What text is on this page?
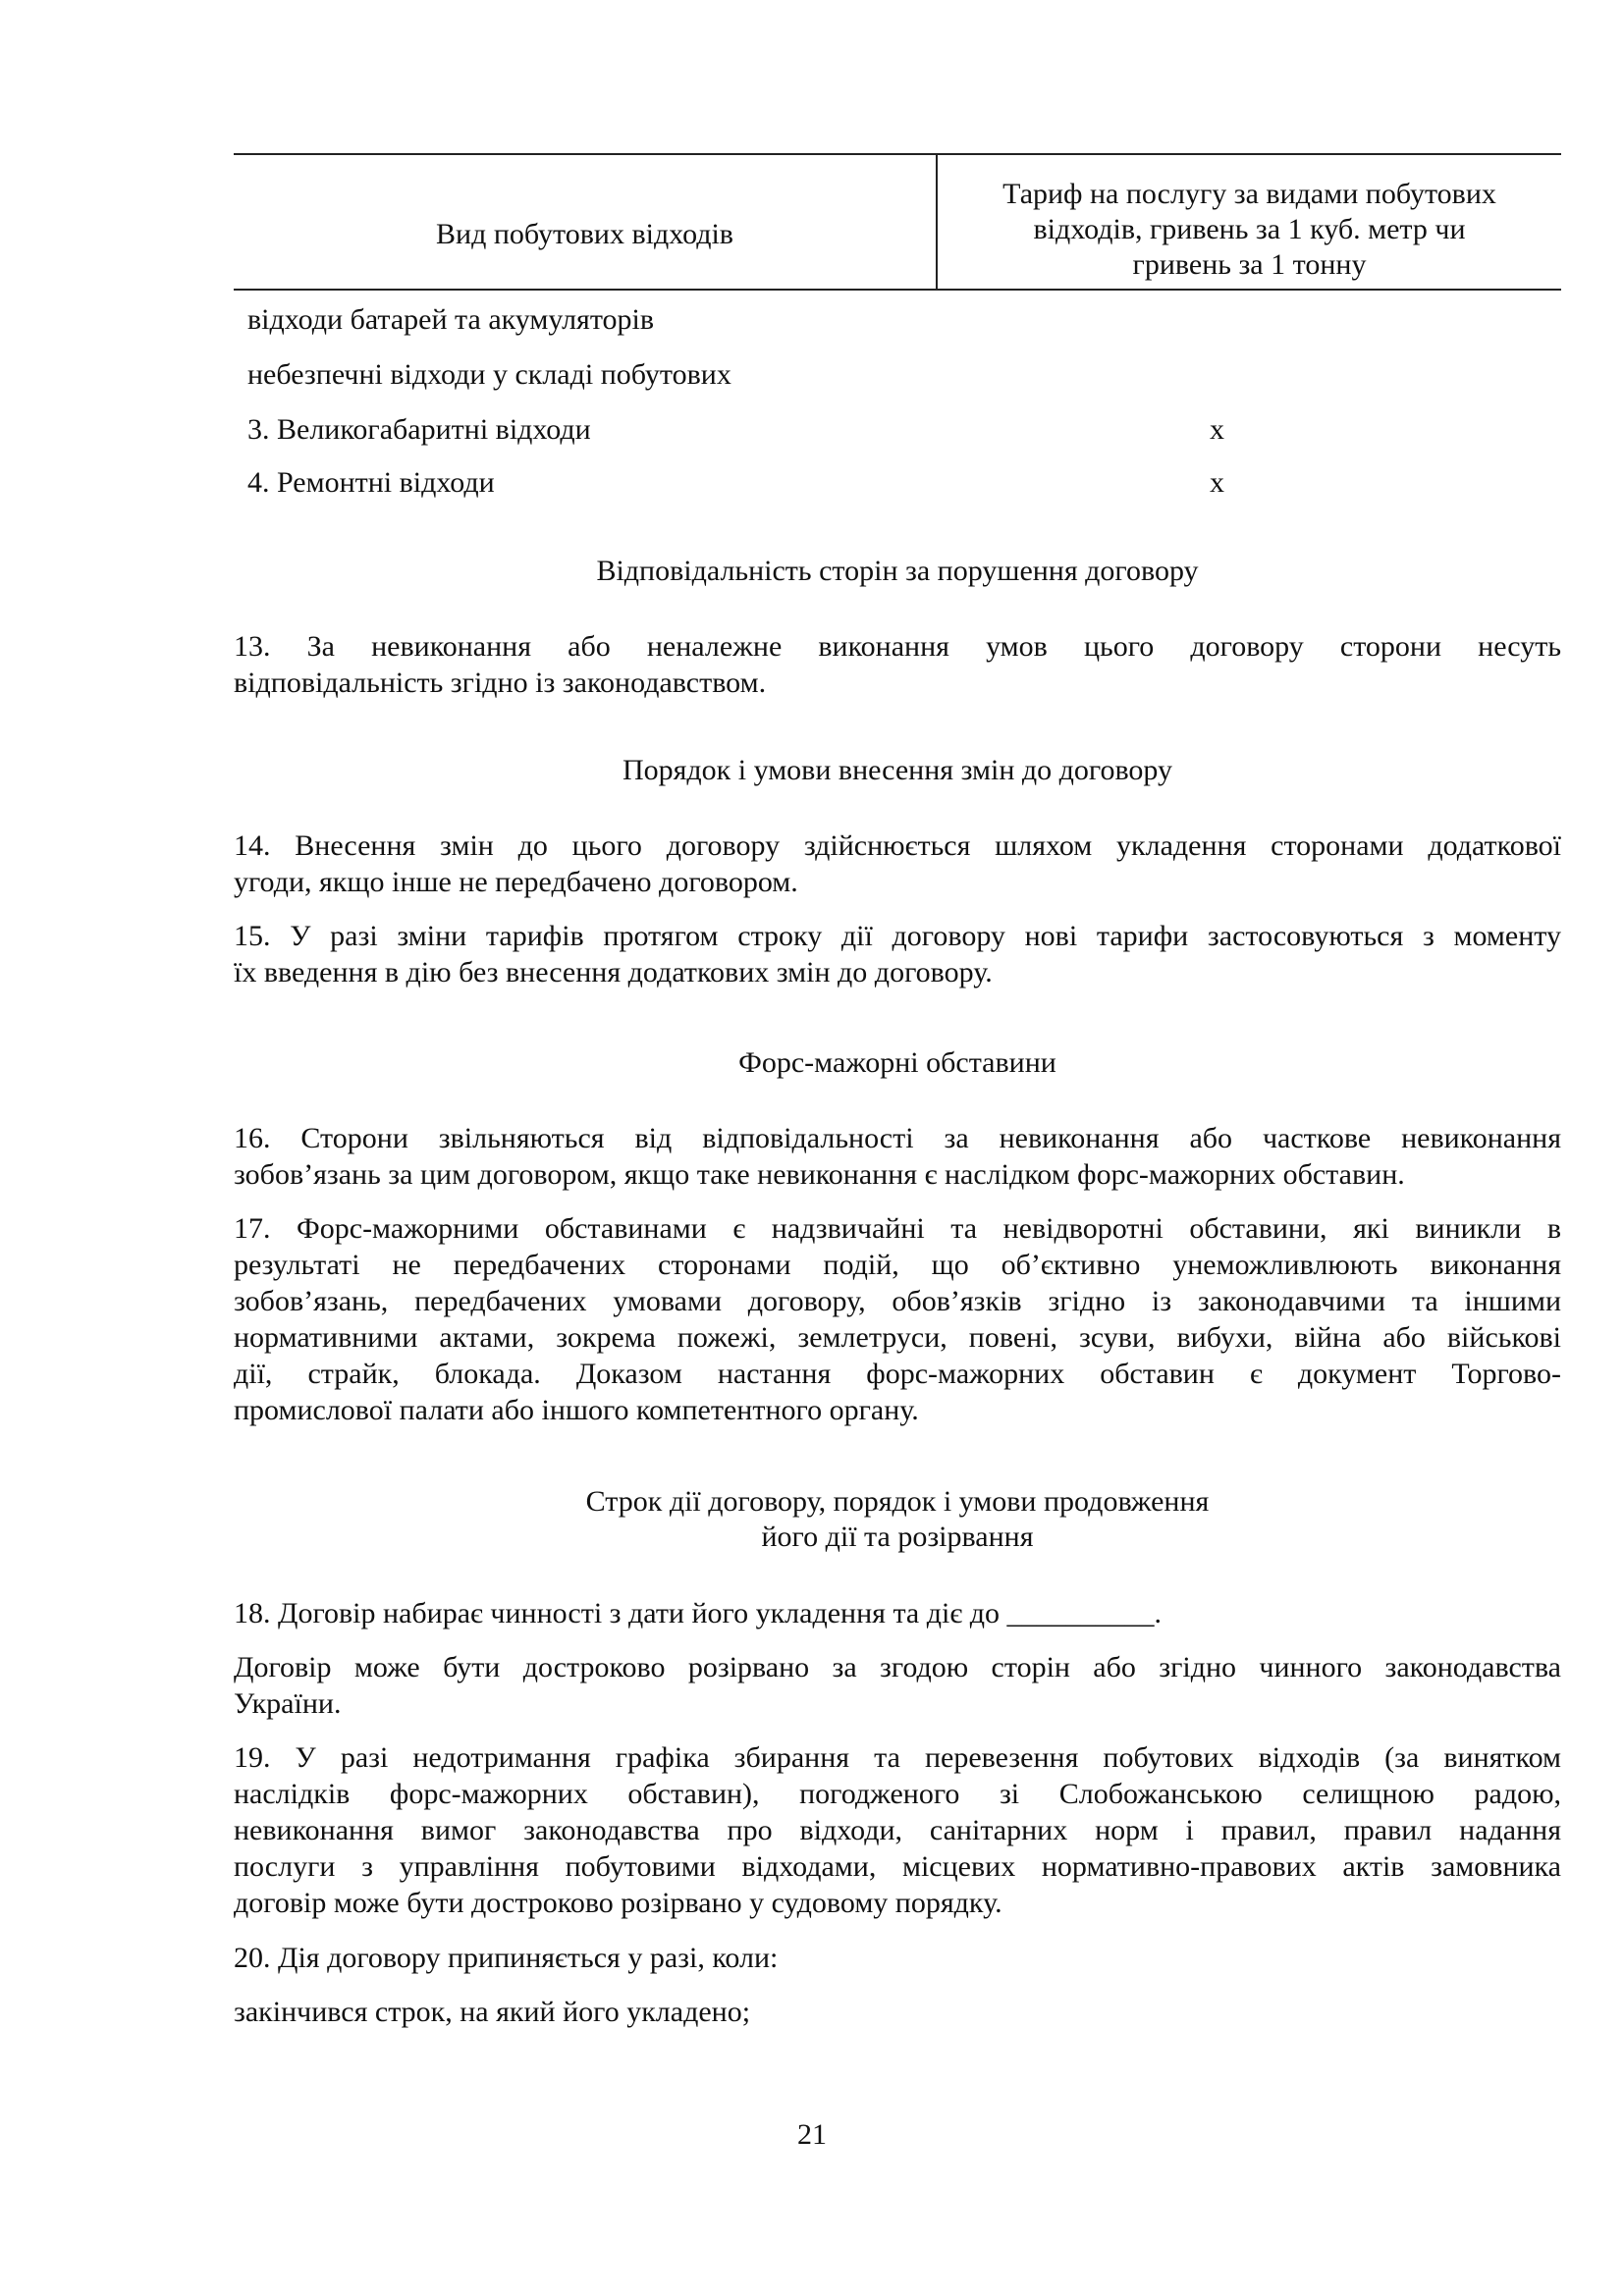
Вид побутових відходів
Тариф на послугу за видами побутових
відходів, гривень за 1 куб. метр чи
гривень за 1 тонну
відходи батарей та акумуляторів
небезпечні відходи у складі побутових
3. Великогабаритні відходи	х
4. Ремонтні відходи	х
Відповідальність сторін за порушення договору
13. За невиконання або неналежне виконання умов цього договору сторони несуть
відповідальність згідно із законодавством.
Порядок і умови внесення змін до договору
14. Внесення змін до цього договору здійснюється шляхом укладення сторонами додаткової
угоди, якщо інше не передбачено договором.
15. У разі зміни тарифів протягом строку дії договору нові тарифи застосовуються з моменту
їх введення в дію без внесення додаткових змін до договору.
Форс-мажорні обставини
16. Сторони звільняються від відповідальності за невиконання або часткове невиконання
зобов’язань за цим договором, якщо таке невиконання є наслідком форс-мажорних обставин.
17. Форс-мажорними обставинами є надзвичайні та невідворотні обставини, які виникли в
результаті не передбачених сторонами подій, що об’єктивно унеможливлюють виконання
зобов’язань, передбачених умовами договору, обов’язків згідно із законодавчими та іншими
нормативними актами, зокрема пожежі, землетруси, повені, зсуви, вибухи, війна або військові
дії, страйк, блокада. Доказом настання форс-мажорних обставин є документ Торгово-
промислової палати або іншого компетентного органу.
Строк дії договору, порядок і умови продовження
його дії та розірвання
18. Договір набирає чинності з дати його укладення та діє до __________.
Договір може бути достроково розірвано за згодою сторін або згідно чинного законодавства
України.
19. У разі недотримання графіка збирання та перевезення побутових відходів (за винятком
наслідків форс-мажорних обставин), погодженого зі Слобожанською селищною радою,
невиконання вимог законодавства про відходи, санітарних норм і правил, правил надання
послуги з управління побутовими відходами, місцевих нормативно-правових актів замовника
договір може бути достроково розірвано у судовому порядку.
20. Дія договору припиняється у разі, коли:
закінчився строк, на який його укладено;
21
